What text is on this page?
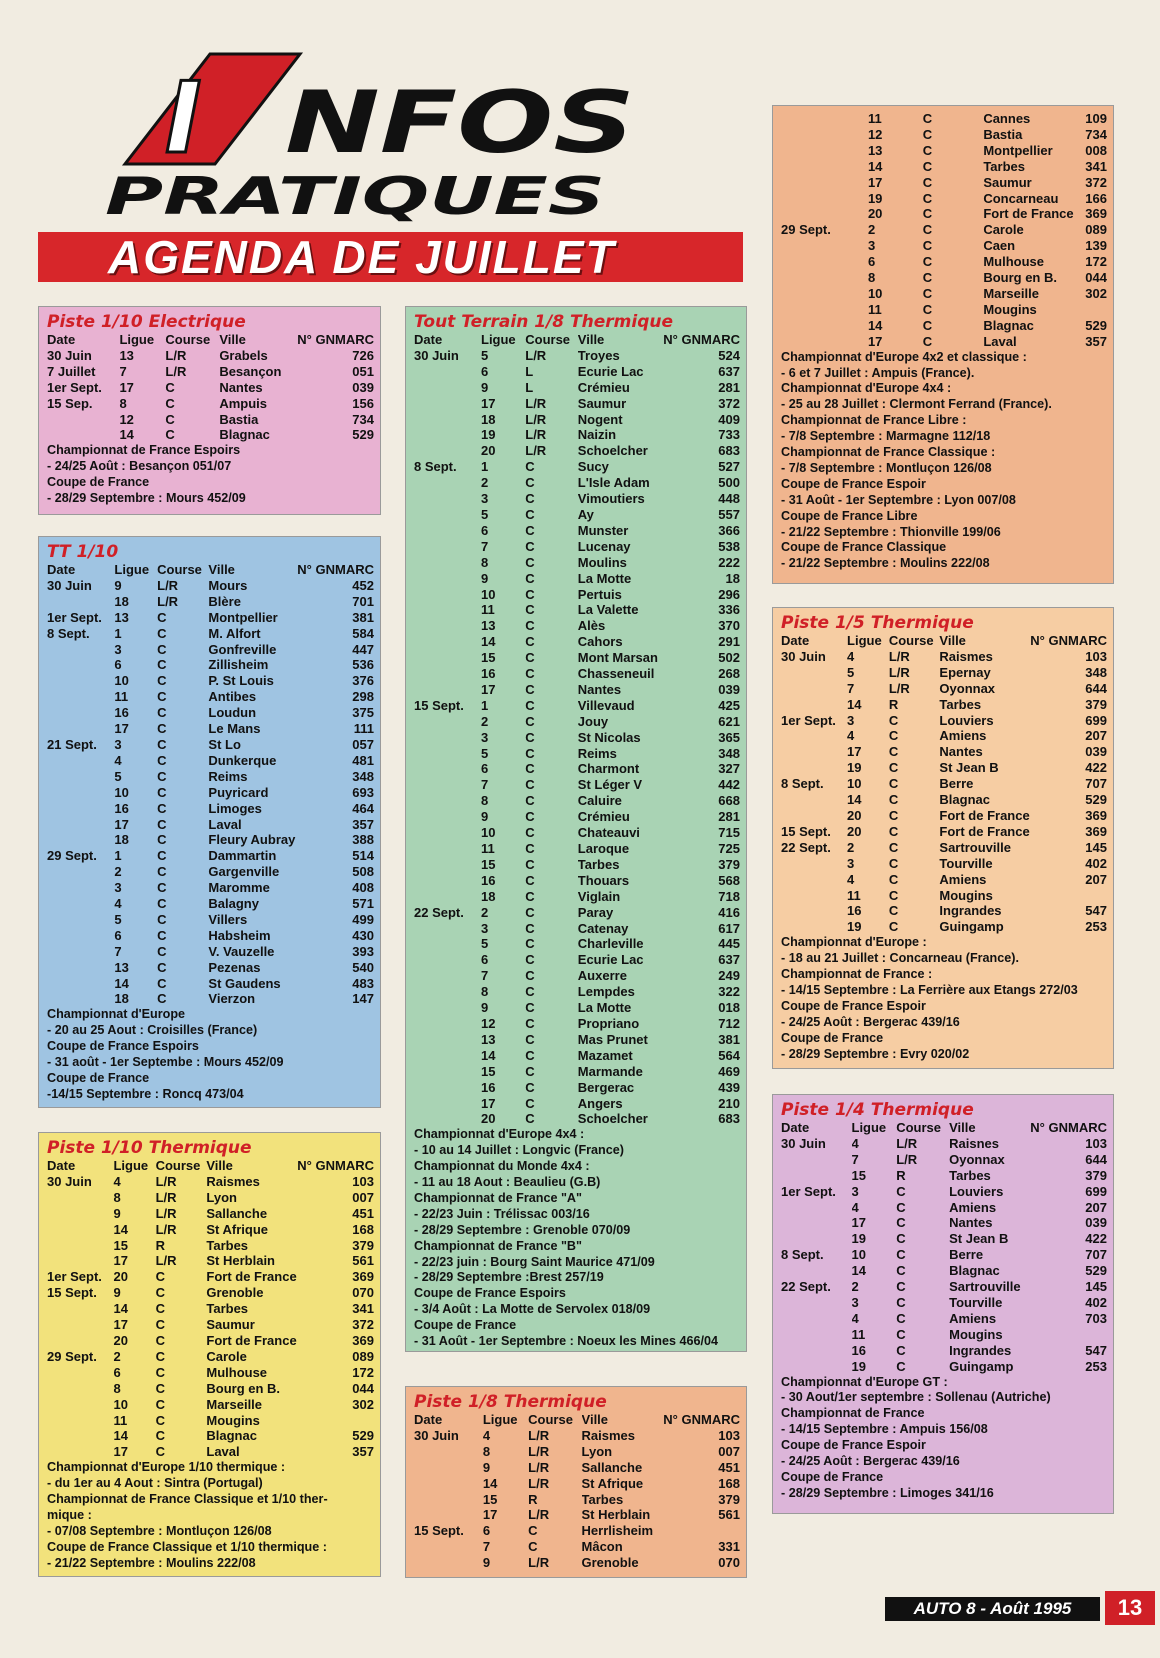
I NFOS
PRATIQUES
AGENDA DE JUILLET
Piste 1/10 Electrique
Date	Ligue	Course	Ville	N° GNMARC
30 Juin	13	L/R	Grabels	726
7 Juillet	7	L/R	Besançon	051
1er Sept.	17	C	Nantes	039
15 Sep.	8	C	Ampuis	156
	12	C	Bastia	734
	14	C	Blagnac	529
Championnat de France Espoirs
- 24/25 Août : Besançon 051/07
Coupe de France
- 28/29 Septembre : Mours 452/09
TT 1/10
Date	Ligue	Course	Ville	N° GNMARC
30 Juin	9	L/R	Mours	452
	18	L/R	Blère	701
1er Sept.	13	C	Montpellier	381
8 Sept.	1	C	M. Alfort	584
	3	C	Gonfreville	447
	6	C	Zillisheim	536
	10	C	P. St Louis	376
	11	C	Antibes	298
	16	C	Loudun	375
	17	C	Le Mans	111
21 Sept.	3	C	St Lo	057
	4	C	Dunkerque	481
	5	C	Reims	348
	10	C	Puyricard	693
	16	C	Limoges	464
	17	C	Laval	357
	18	C	Fleury Aubray	388
29 Sept.	1	C	Dammartin	514
	2	C	Gargenville	508
	3	C	Maromme	408
	4	C	Balagny	571
	5	C	Villers	499
	6	C	Habsheim	430
	7	C	V. Vauzelle	393
	13	C	Pezenas	540
	14	C	St Gaudens	483
	18	C	Vierzon	147
Championnat d'Europe
- 20 au 25 Aout : Croisilles (France)
Coupe de France Espoirs
- 31 août - 1er Septembe : Mours 452/09
Coupe de France
-14/15 Septembre : Roncq 473/04
Piste 1/10 Thermique
Date	Ligue	Course	Ville	N° GNMARC
30 Juin	4	L/R	Raismes	103
	8	L/R	Lyon	007
	9	L/R	Sallanche	451
	14	L/R	St Afrique	168
	15	R	Tarbes	379
	17	L/R	St Herblain	561
1er Sept.	20	C	Fort de France	369
15 Sept.	9	C	Grenoble	070
	14	C	Tarbes	341
	17	C	Saumur	372
	20	C	Fort de France	369
29 Sept.	2	C	Carole	089
	6	C	Mulhouse	172
	8	C	Bourg en B.	044
	10	C	Marseille	302
	11	C	Mougins	
	14	C	Blagnac	529
	17	C	Laval	357
Championnat d'Europe 1/10 thermique :
- du 1er au 4 Aout : Sintra (Portugal)
Championnat de France Classique et 1/10 ther-
mique :
- 07/08 Septembre : Montluçon 126/08
Coupe de France Classique et 1/10 thermique :
- 21/22 Septembre : Moulins 222/08
Tout Terrain 1/8 Thermique
Date	Ligue	Course	Ville	N° GNMARC
30 Juin	5	L/R	Troyes	524
	6	L	Ecurie Lac	637
	9	L	Crémieu	281
	17	L/R	Saumur	372
	18	L/R	Nogent	409
	19	L/R	Naizin	733
	20	L/R	Schoelcher	683
8 Sept.	1	C	Sucy	527
	2	C	L'Isle Adam	500
	3	C	Vimoutiers	448
	5	C	Ay	557
	6	C	Munster	366
	7	C	Lucenay	538
	8	C	Moulins	222
	9	C	La Motte	18
	10	C	Pertuis	296
	11	C	La Valette	336
	13	C	Alès	370
	14	C	Cahors	291
	15	C	Mont Marsan	502
	16	C	Chasseneuil	268
	17	C	Nantes	039
15 Sept.	1	C	Villevaud	425
	2	C	Jouy	621
	3	C	St Nicolas	365
	5	C	Reims	348
	6	C	Charmont	327
	7	C	St Léger V	442
	8	C	Caluire	668
	9	C	Crémieu	281
	10	C	Chateauvi	715
	11	C	Laroque	725
	15	C	Tarbes	379
	16	C	Thouars	568
	18	C	Viglain	718
22 Sept.	2	C	Paray	416
	3	C	Catenay	617
	5	C	Charleville	445
	6	C	Ecurie Lac	637
	7	C	Auxerre	249
	8	C	Lempdes	322
	9	C	La Motte	018
	12	C	Propriano	712
	13	C	Mas Prunet	381
	14	C	Mazamet	564
	15	C	Marmande	469
	16	C	Bergerac	439
	17	C	Angers	210
	20	C	Schoelcher	683
Championnat d'Europe 4x4 :
- 10 au 14 Juillet : Longvic (France)
Championnat du Monde 4x4 :
- 11 au 18 Aout : Beaulieu (G.B)
Championnat de France "A"
- 22/23 Juin : Trélissac 003/16
- 28/29 Septembre : Grenoble 070/09
Championnat de France "B"
- 22/23 juin : Bourg Saint Maurice 471/09
- 28/29 Septembre :Brest 257/19
Coupe de France Espoirs
- 3/4 Août : La Motte de Servolex 018/09
Coupe de France
- 31 Août - 1er Septembre : Noeux les Mines 466/04
Piste 1/8 Thermique
Date	Ligue	Course	Ville	N° GNMARC
30 Juin	4	L/R	Raismes	103
	8	L/R	Lyon	007
	9	L/R	Sallanche	451
	14	L/R	St Afrique	168
	15	R	Tarbes	379
	17	L/R	St Herblain	561
15 Sept.	6	C	Herrlisheim	
	7	C	Mâcon	331
	9	L/R	Grenoble	070
	11	C	Cannes	109
	12	C	Bastia	734
	13	C	Montpellier	008
	14	C	Tarbes	341
	17	C	Saumur	372
	19	C	Concarneau	166
	20	C	Fort de France	369
29 Sept.	2	C	Carole	089
	3	C	Caen	139
	6	C	Mulhouse	172
	8	C	Bourg en B.	044
	10	C	Marseille	302
	11	C	Mougins	
	14	C	Blagnac	529
	17	C	Laval	357
Championnat d'Europe 4x2 et classique :
- 6 et 7 Juillet : Ampuis (France).
Championnat d'Europe 4x4 :
- 25 au 28 Juillet : Clermont Ferrand (France).
Championnat de France Libre :
- 7/8 Septembre : Marmagne 112/18
Championnat de France Classique :
- 7/8 Septembre : Montluçon 126/08
Coupe de France Espoir
- 31 Août - 1er Septembre : Lyon 007/08
Coupe de France Libre
- 21/22 Septembre : Thionville 199/06
Coupe de France Classique
- 21/22 Septembre : Moulins 222/08
Piste 1/5 Thermique
Date	Ligue	Course	Ville	N° GNMARC
30 Juin	4	L/R	Raismes	103
	5	L/R	Epernay	348
	7	L/R	Oyonnax	644
	14	R	Tarbes	379
1er Sept.	3	C	Louviers	699
	4	C	Amiens	207
	17	C	Nantes	039
	19	C	St Jean B	422
8 Sept.	10	C	Berre	707
	14	C	Blagnac	529
	20	C	Fort de France	369
15 Sept.	20	C	Fort de France	369
22 Sept.	2	C	Sartrouville	145
	3	C	Tourville	402
	4	C	Amiens	207
	11	C	Mougins	
	16	C	Ingrandes	547
	19	C	Guingamp	253
Championnat d'Europe :
- 18 au 21 Juillet : Concarneau (France).
Championnat de France :
- 14/15 Septembre : La Ferrière aux Etangs 272/03
Coupe de France Espoir
- 24/25 Août : Bergerac 439/16
Coupe de France
- 28/29 Septembre : Evry 020/02
Piste 1/4 Thermique
Date	Ligue	Course	Ville	N° GNMARC
30 Juin	4	L/R	Raisnes	103
	7	L/R	Oyonnax	644
	15	R	Tarbes	379
1er Sept.	3	C	Louviers	699
	4	C	Amiens	207
	17	C	Nantes	039
	19	C	St Jean B	422
8 Sept.	10	C	Berre	707
	14	C	Blagnac	529
22 Sept.	2	C	Sartrouville	145
	3	C	Tourville	402
	4	C	Amiens	703
	11	C	Mougins	
	16	C	Ingrandes	547
	19	C	Guingamp	253
Championnat d'Europe GT :
- 30 Aout/1er septembre : Sollenau (Autriche)
Championnat de France
- 14/15 Septembre : Ampuis 156/08
Coupe de France Espoir
- 24/25 Août : Bergerac 439/16
Coupe de France
- 28/29 Septembre : Limoges 341/16
AUTO 8 - Août 1995	13
